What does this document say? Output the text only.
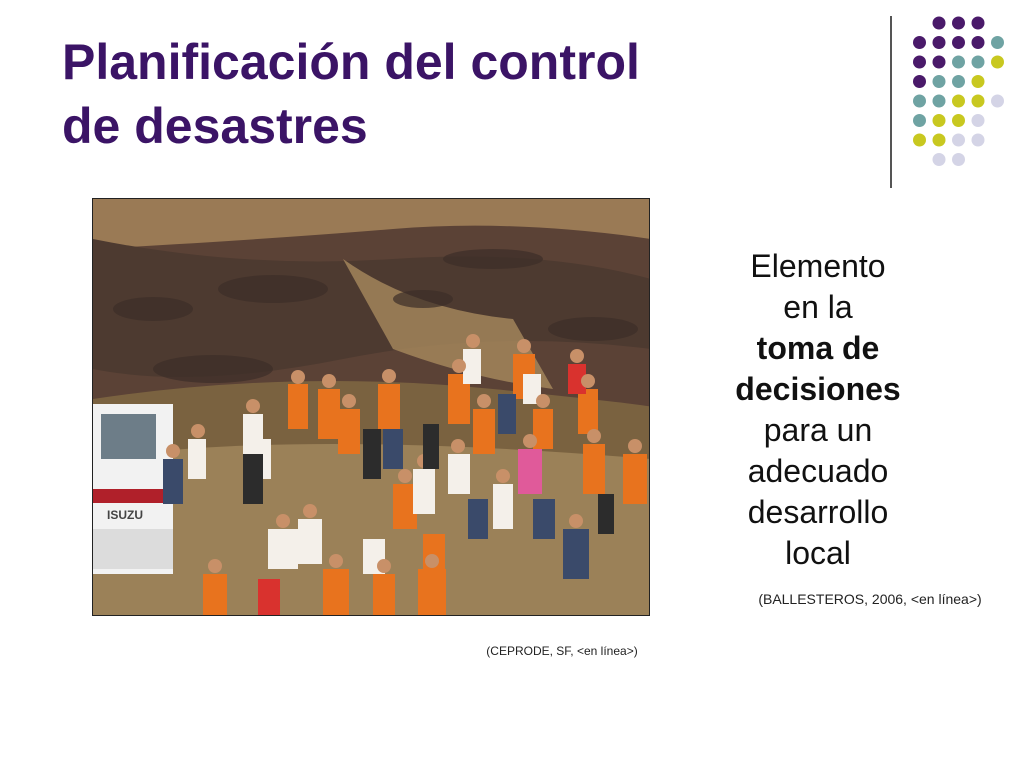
Planificación del control
de desastres
ISUZU
(CEPRODE, SF, <en línea>)
Elemento
en la
toma de
decisiones
para un
adecuado
desarrollo
local
(BALLESTEROS, 2006, <en línea>)
